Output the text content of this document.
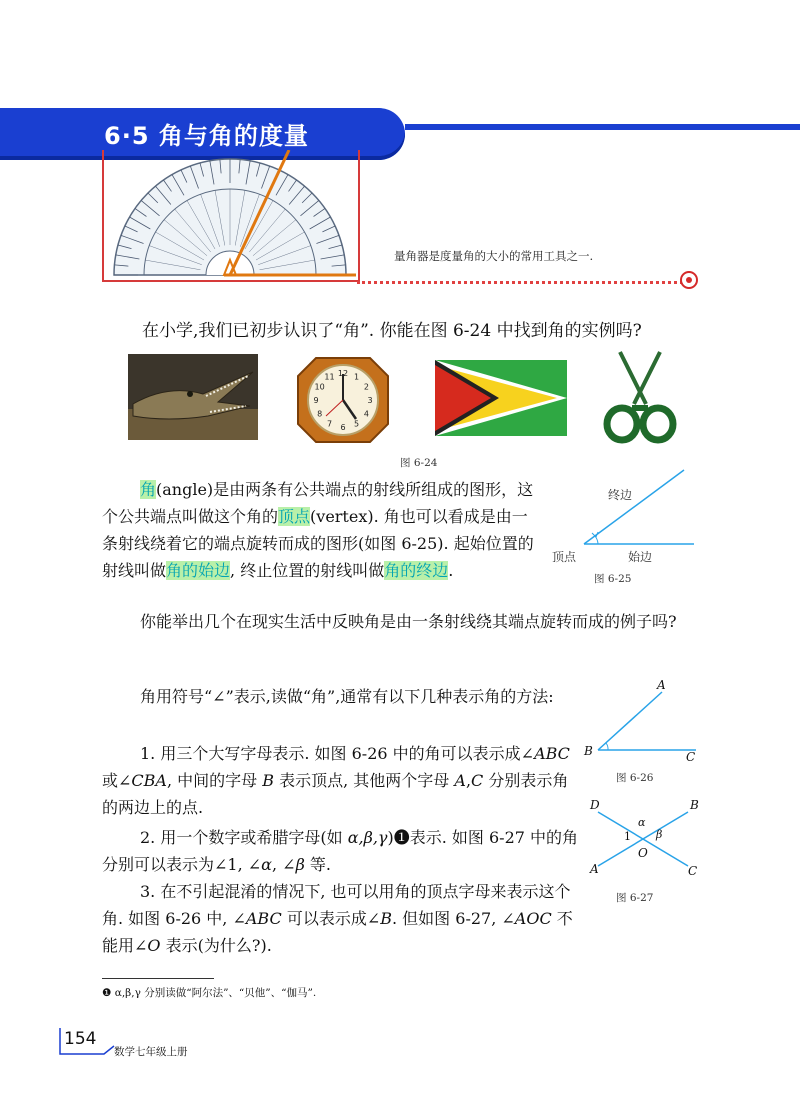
6·5 角与角的度量
量角器是度量角的大小的常用工具之一.

在小学,我们已初步认识了“角”. 你能在图 6-24 中找到角的实例吗?

12 1
2
3
4
5
6
7
8
9
10
11
图 6-24

角(angle)是由两条有公共端点的射线所组成的图形，这个公共端点叫做这个角的顶点(vertex). 角也可以看成是由一条射线绕着它的端点旋转而成的图形(如图 6-25). 起始位置的射线叫做角的始边, 终止位置的射线叫做角的终边.

终边
顶点	始边
图 6-25

你能举出几个在现实生活中反映角是由一条射线绕其端点旋转而成的例子吗?

角用符号“∠”表示,读做“角”,通常有以下几种表示角的方法:

1. 用三个大写字母表示. 如图 6-26 中的角可以表示成∠ABC 或∠CBA, 中间的字母 B 表示顶点, 其他两个字母 A,C 分别表示角的两边上的点.

2. 用一个数字或希腊字母(如 α,β,γ)❶表示. 如图 6-27 中的角分别可以表示为∠1, ∠α, ∠β 等.

3. 在不引起混淆的情况下, 也可以用角的顶点字母来表示这个角. 如图 6-26 中, ∠ABC 可以表示成∠B. 但如图 6-27, ∠AOC 不能用∠O 表示(为什么?).

A
B	C
图 6-26
D	B
A	C
O
1
α
β
图 6-27
❶ α,β,γ 分别读做“阿尔法”、“贝他”、“伽马”.
154
数学七年级上册
